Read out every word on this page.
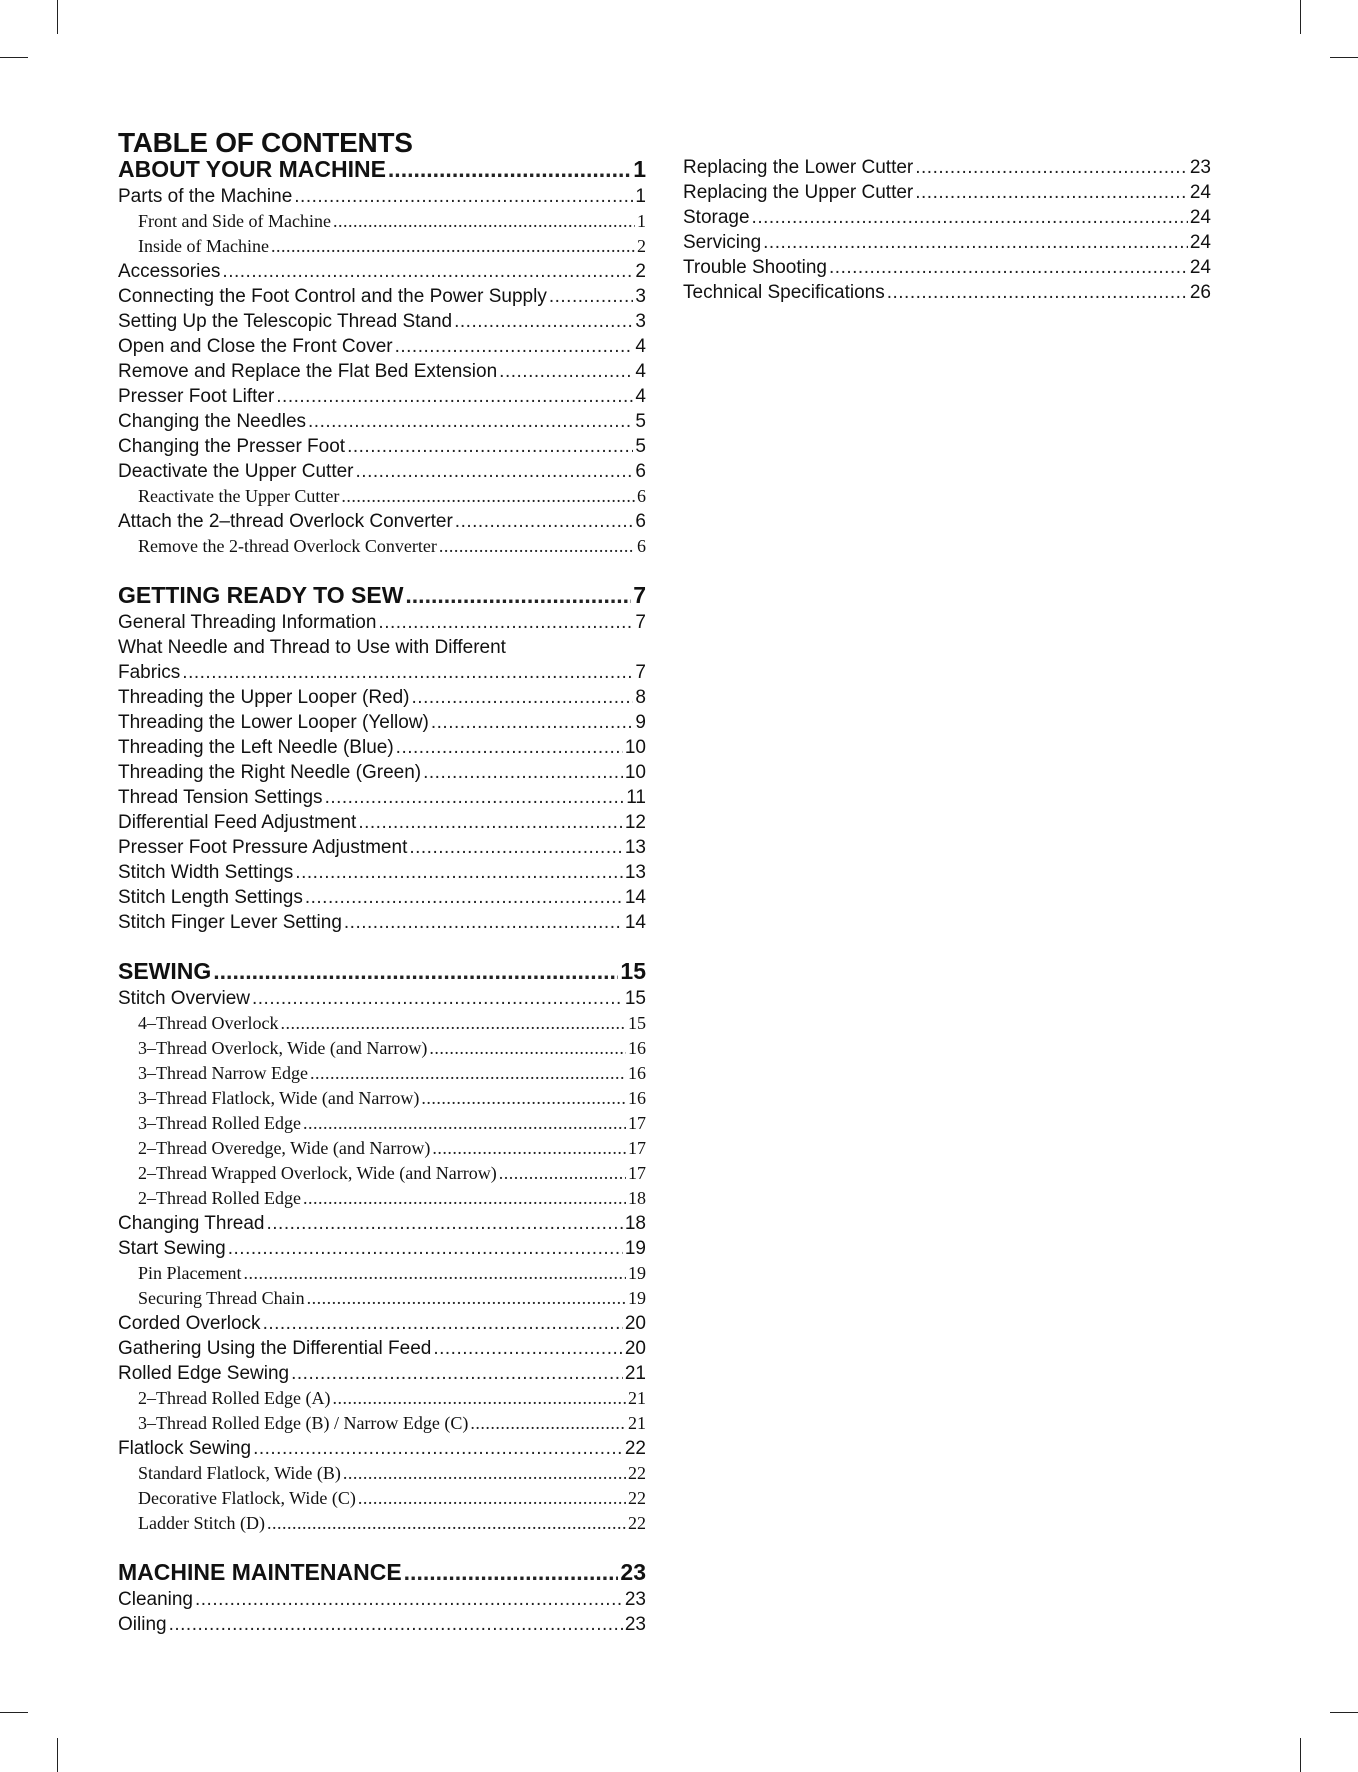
TABLE OF CONTENTS
ABOUT YOUR MACHINE .....	1
Parts of the Machine .....	1
Front and Side of Machine .....	1
Inside of Machine .....	2
Accessories .....	2
Connecting the Foot Control and the Power Supply .....	3
Setting Up the Telescopic Thread Stand .....	3
Open and Close the Front Cover .....	4
Remove and Replace the Flat Bed Extension .....	4
Presser Foot Lifter .....	4
Changing the Needles .....	5
Changing the Presser Foot .....	5
Deactivate the Upper Cutter .....	6
Reactivate the Upper Cutter .....	6
Attach the 2–thread Overlock Converter .....	6
Remove the 2-thread Overlock Converter .....	6
GETTING READY TO SEW .....	7
General Threading Information .....	7
What Needle and Thread to Use with Different
Fabrics .....	7
Threading the Upper Looper (Red) .....	8
Threading the Lower Looper (Yellow) .....	9
Threading the Left Needle (Blue) .....	10
Threading the Right Needle (Green) .....	10
Thread Tension Settings .....	11
Differential Feed Adjustment .....	12
Presser Foot Pressure Adjustment .....	13
Stitch Width Settings .....	13
Stitch Length Settings .....	14
Stitch Finger Lever Setting .....	14
SEWING .....	15
Stitch Overview .....	15
4–Thread Overlock .....	15
3–Thread Overlock, Wide (and Narrow) .....	16
3–Thread Narrow Edge .....	16
3–Thread Flatlock, Wide (and Narrow) .....	16
3–Thread Rolled Edge .....	17
2–Thread Overedge, Wide (and Narrow) .....	17
2–Thread Wrapped Overlock, Wide (and Narrow) .....	17
2–Thread Rolled Edge .....	18
Changing Thread .....	18
Start Sewing .....	19
Pin Placement .....	19
Securing Thread Chain .....	19
Corded Overlock .....	20
Gathering Using the Differential Feed .....	20
Rolled Edge Sewing .....	21
2–Thread Rolled Edge (A) .....	21
3–Thread Rolled Edge (B) / Narrow Edge (C) .....	21
Flatlock Sewing .....	22
Standard Flatlock, Wide (B) .....	22
Decorative Flatlock, Wide (C) .....	22
Ladder Stitch (D) .....	22
MACHINE MAINTENANCE .....	23
Cleaning .....	23
Oiling .....	23
Replacing the Lower Cutter .....	23
Replacing the Upper Cutter .....	24
Storage .....	24
Servicing .....	24
Trouble Shooting .....	24
Technical Specifications .....	26
